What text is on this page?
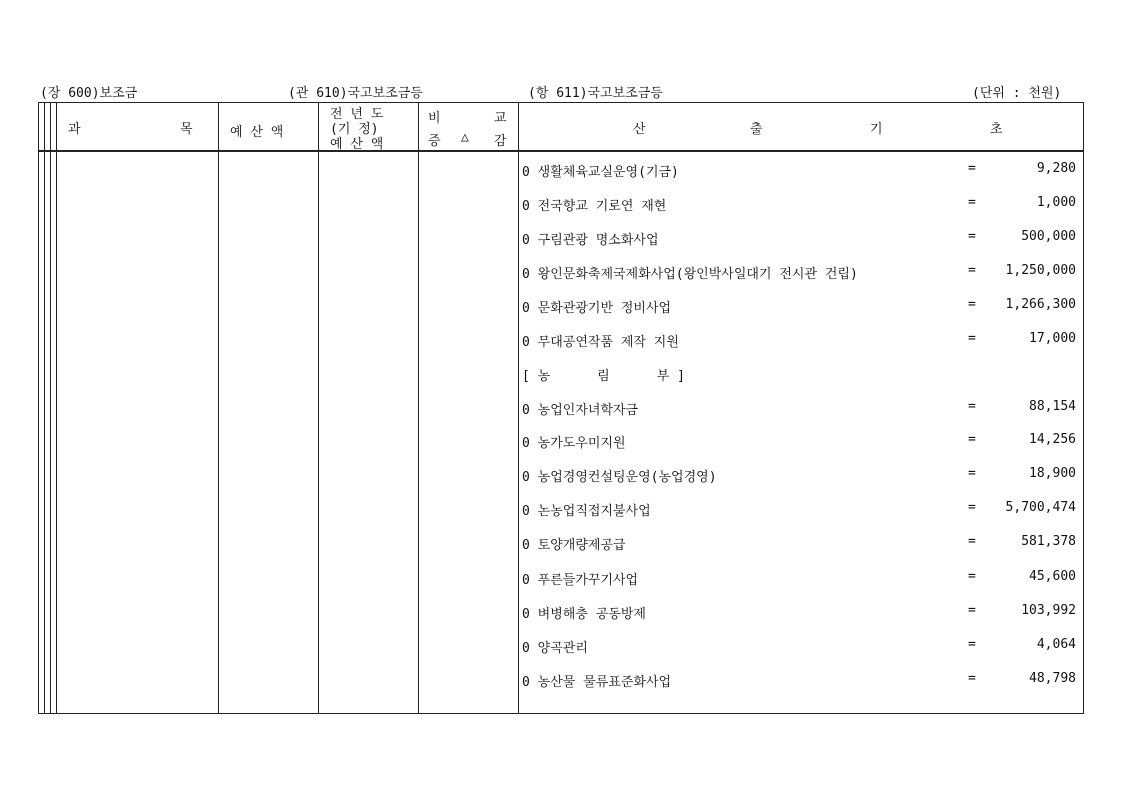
(장 600)보조금	(관 610)국고보조금등	(항 611)국고보조금등	(단위 : 천원)
과	목	예 산 액
전 년 도
(기 정)
예 산 액
비	교
증 △ 감
산	출	기	초
0 생활체육교실운영(기금)	=	9,280
0 전국향교 기로연 재현	=	1,000
0 구림관광 명소화사업	=	500,000
0 왕인문화축제국제화사업(왕인박사일대기 전시관 건립)	= 1,250,000
0 문화관광기반 정비사업	= 1,266,300
0 무대공연작품 제작 지원	=	17,000
[ 농      림      부 ]
0 농업인자녀학자금	=	88,154
0 농가도우미지원	=	14,256
0 농업경영컨설팅운영(농업경영)	=	18,900
0 논농업직접지불사업	= 5,700,474
0 토양개량제공급	=	581,378
0 푸른들가꾸기사업	=	45,600
0 벼병해충 공동방제	=	103,992
0 양곡관리	=	4,064
0 농산물 물류표준화사업	=	48,798
